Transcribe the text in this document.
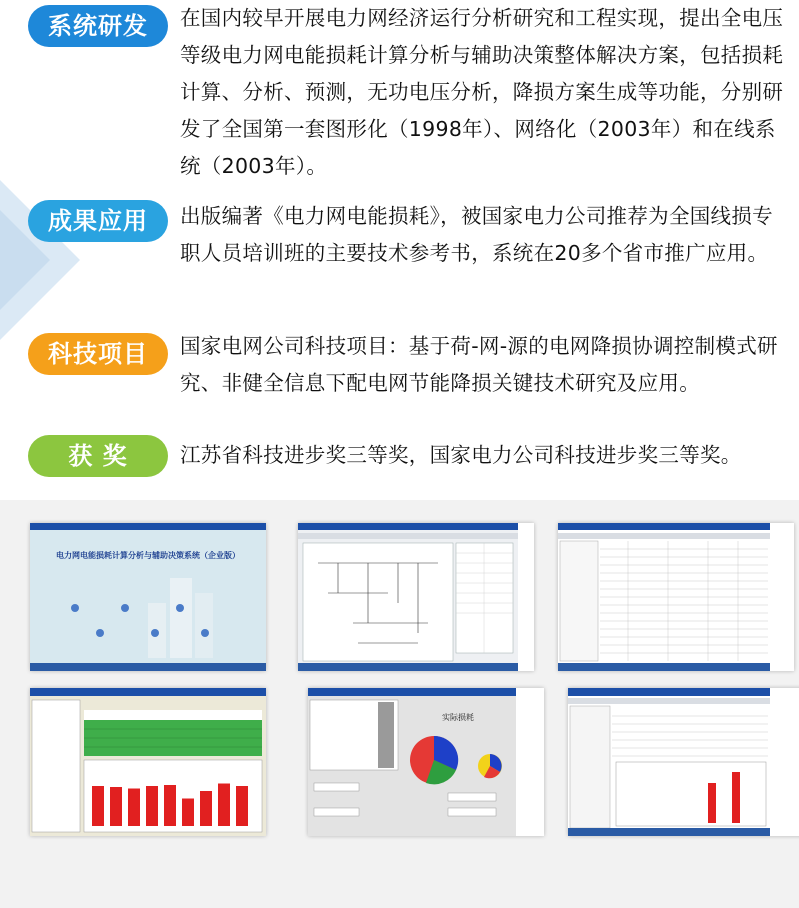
系统研发	在国内较早开展电力网经济运行分析研究和工程实现，提出全电压等级电力网电能损耗计算分析与辅助决策整体解决方案，包括损耗计算、分析、预测，无功电压分析，降损方案生成等功能，分别研发了全国第一套图形化（1998年）、网络化（2003年）和在线系统（2003年）。
成果应用	出版编著《电力网电能损耗》，被国家电力公司推荐为全国线损专职人员培训班的主要技术参考书，系统在20多个省市推广应用。
科技项目	国家电网公司科技项目：基于荷-网-源的电网降损协调控制模式研究、非健全信息下配电网节能降损关键技术研究及应用。
获 奖	江苏省科技进步奖三等奖，国家电力公司科技进步奖三等奖。
电力网电能损耗计算分析与辅助决策系统（企业版）
实际损耗
